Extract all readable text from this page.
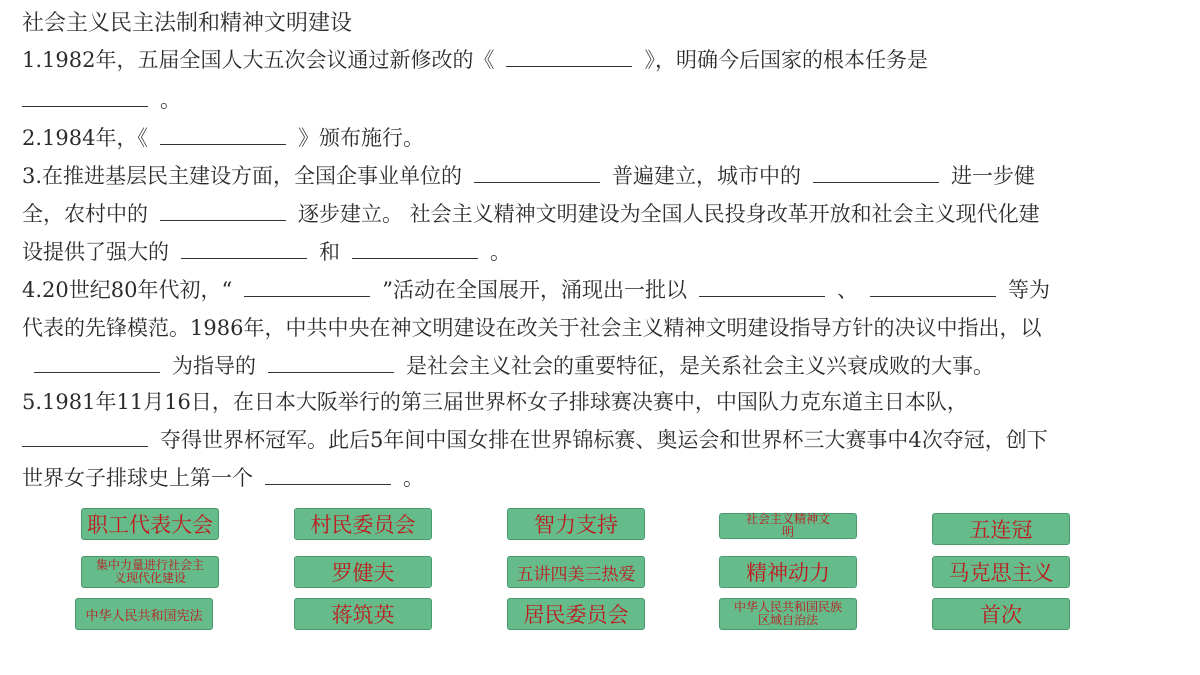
社会主义民主法制和精神文明建设
1.1982年，五届全国人大五次会议通过新修改的《	》，明确今后国家的根本任务是
。
2.1984年，《	》颁布施行。
3.在推进基层民主建设方面，全国企事业单位的	普遍建立，城市中的	进一步健
全，农村中的	逐步建立。 社会主义精神文明建设为全国人民投身改革开放和社会主义现代化建
设提供了强大的	和	。
4.20世纪80年代初，“	”活动在全国展开，涌现出一批以	、	等为
代表的先锋模范。1986年，中共中央在神文明建设在改关于社会主义精神文明建设指导方针的决议中指出，以
为指导的	是社会主义社会的重要特征，是关系社会主义兴衰成败的大事。
5.1981年11月16日，在日本大阪举行的第三届世界杯女子排球赛决赛中，中国队力克东道主日本队，
夺得世界杯冠军。此后5年间中国女排在世界锦标赛、奥运会和世界杯三大赛事中4次夺冠，创下
世界女子排球史上第一个	。
职工代表大会	村民委员会	智力支持	社会主义精神文
明	五连冠
集中力量进行社会主
义现代化建设	罗健夫	五讲四美三热爱	精神动力	马克思主义
中华人民共和国宪法	蒋筑英	居民委员会	中华人民共和国民族
区域自治法	首次
